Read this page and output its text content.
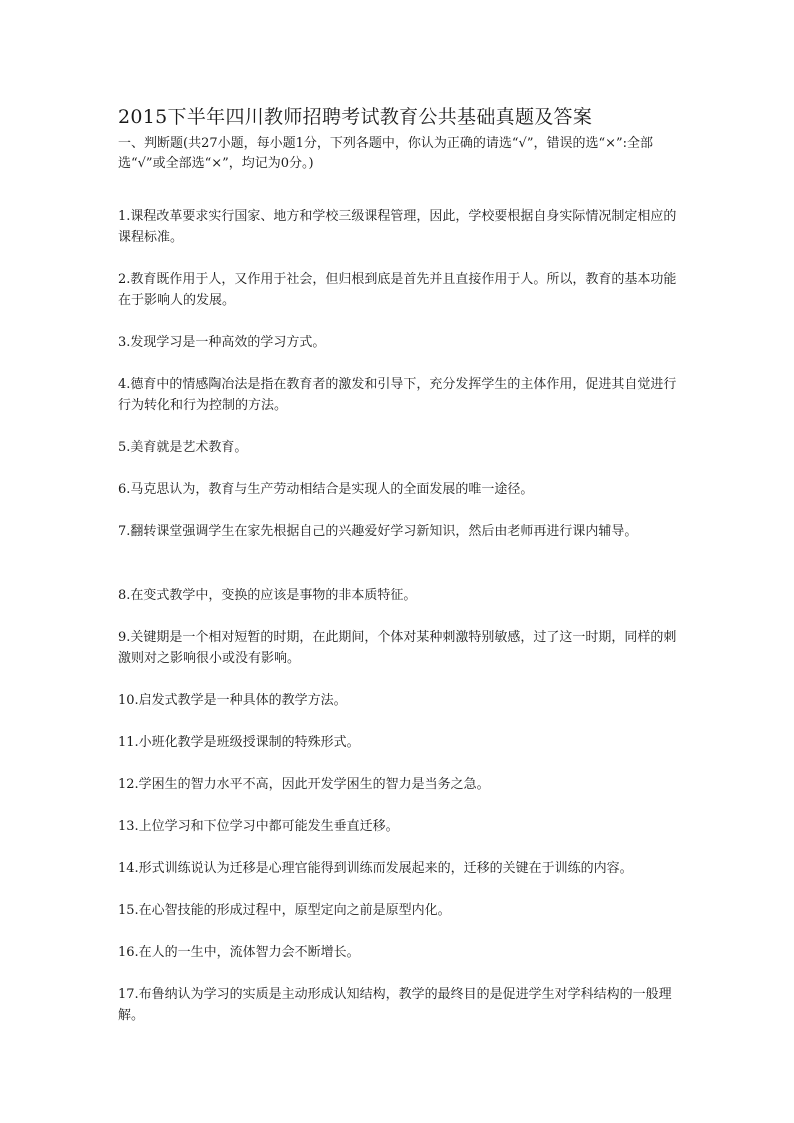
2015下半年四川教师招聘考试教育公共基础真题及答案

一、判断题(共27小题，每小题1分，下列各题中，你认为正确的请选“√”，错误的选“×”:全部选“√”或全部选“×”，均记为0分。)

1.课程改革要求实行国家、地方和学校三级课程管理，因此，学校要根据自身实际情况制定相应的课程标准。
2.教育既作用于人，又作用于社会，但归根到底是首先并且直接作用于人。所以，教育的基本功能在于影响人的发展。
3.发现学习是一种高效的学习方式。
4.德育中的情感陶冶法是指在教育者的激发和引导下，充分发挥学生的主体作用，促进其自觉进行行为转化和行为控制的方法。
5.美育就是艺术教育。
6.马克思认为，教育与生产劳动相结合是实现人的全面发展的唯一途径。
7.翻转课堂强调学生在家先根据自己的兴趣爱好学习新知识，然后由老师再进行课内辅导。
8.在变式教学中，变换的应该是事物的非本质特征。
9.关键期是一个相对短暂的时期，在此期间，个体对某种刺激特别敏感，过了这一时期，同样的刺激则对之影响很小或没有影响。
10.启发式教学是一种具体的教学方法。
11.小班化教学是班级授课制的特殊形式。
12.学困生的智力水平不高，因此开发学困生的智力是当务之急。
13.上位学习和下位学习中都可能发生垂直迁移。
14.形式训练说认为迁移是心理官能得到训练而发展起来的，迁移的关键在于训练的内容。
15.在心智技能的形成过程中，原型定向之前是原型内化。
16.在人的一生中，流体智力会不断增长。
17.布鲁纳认为学习的实质是主动形成认知结构，教学的最终目的是促进学生对学科结构的一般理解。
